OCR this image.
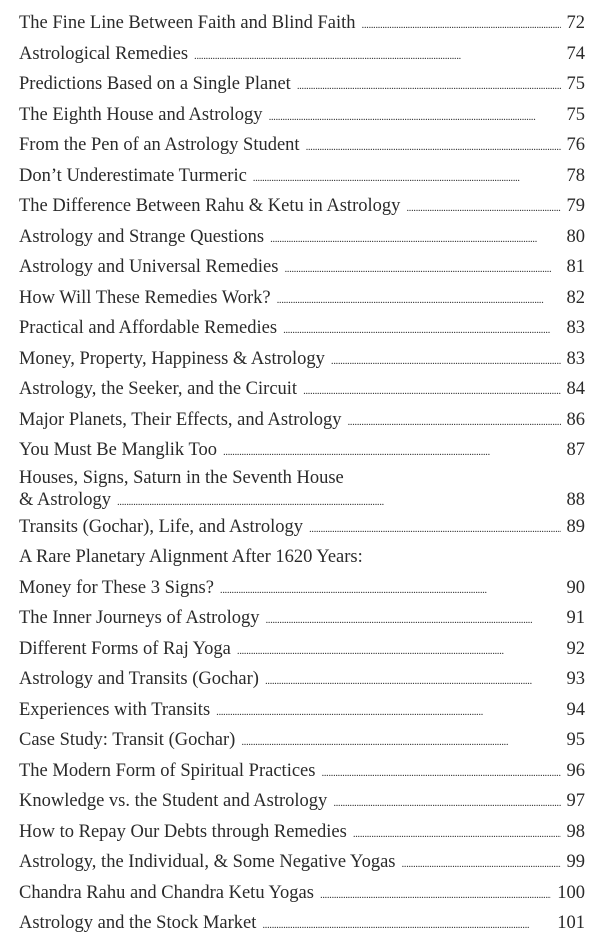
The Fine Line Between Faith and Blind Faith . . .	72
Astrological Remedies . . .	74
Predictions Based on a Single Planet . . .	75
The Eighth House and Astrology . . .	75
From the Pen of an Astrology Student . . .	76
Don’t Underestimate Turmeric . . .	78
The Difference Between Rahu & Ketu in Astrology . . .	79
Astrology and Strange Questions . . .	80
Astrology and Universal Remedies . . .	81
How Will These Remedies Work? . . .	82
Practical and Affordable Remedies . . .	83
Money, Property, Happiness & Astrology . . .	83
Astrology, the Seeker, and the Circuit . . .	84
Major Planets, Their Effects, and Astrology . . .	86
You Must Be Manglik Too . . .	87
Houses, Signs, Saturn in the Seventh House
& Astrology . . .	88
Transits (Gochar), Life, and Astrology . . .	89
A Rare Planetary Alignment After 1620 Years:
Money for These 3 Signs? . . .	90
The Inner Journeys of Astrology . . .	91
Different Forms of Raj Yoga . . .	92
Astrology and Transits (Gochar) . . .	93
Experiences with Transits . . .	94
Case Study: Transit (Gochar) . . .	95
The Modern Form of Spiritual Practices . . .	96
Knowledge vs. the Student and Astrology . . .	97
How to Repay Our Debts through Remedies . . .	98
Astrology, the Individual, & Some Negative Yogas . . .	99
Chandra Rahu and Chandra Ketu Yogas . . .	100
Astrology and the Stock Market . . .	101
